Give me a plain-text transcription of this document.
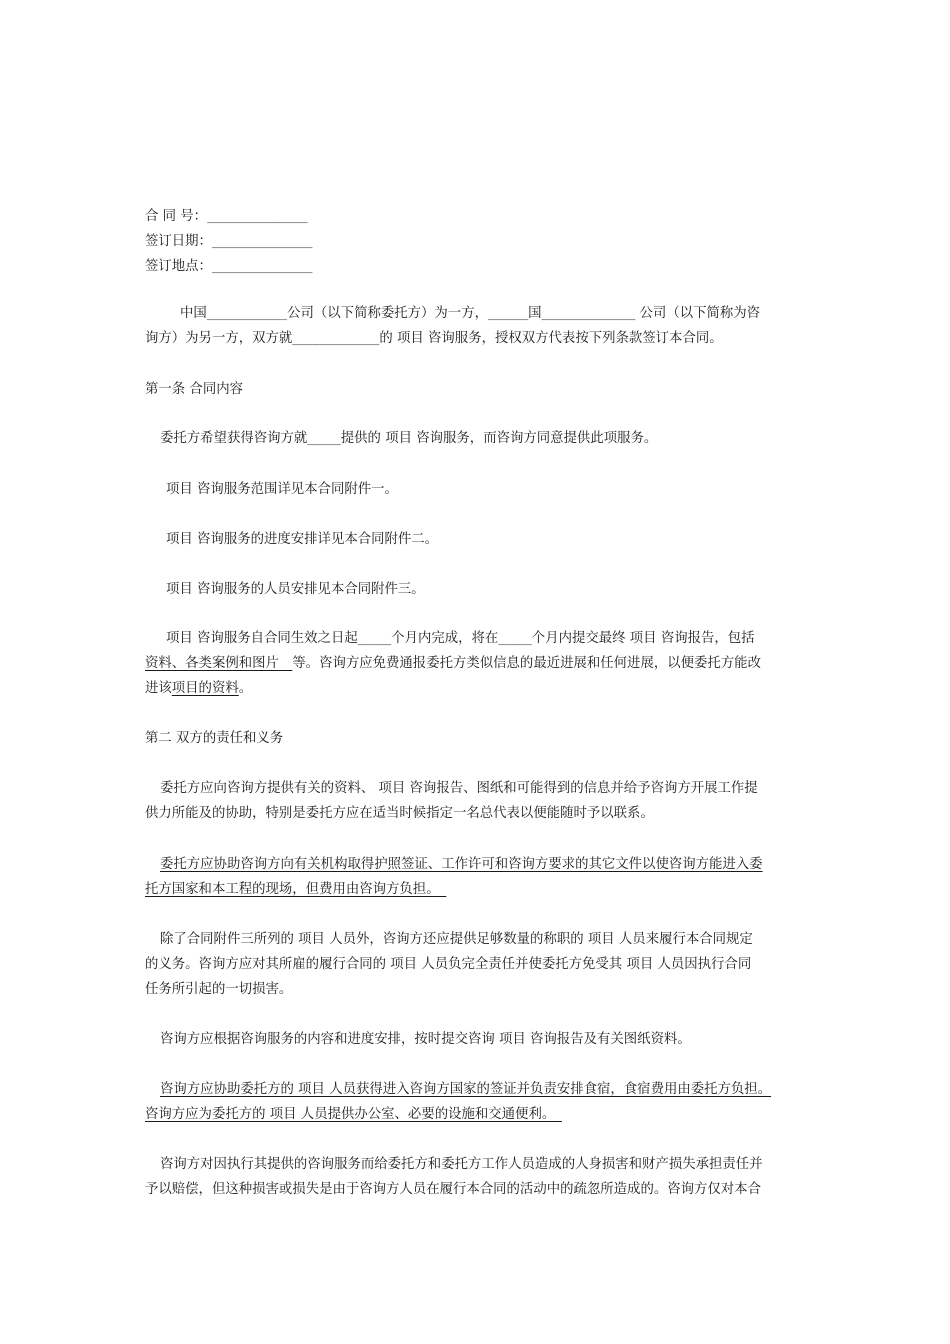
合 同 号：_______________
签订日期：_______________
签订地点：_______________
中国____________公司（以下简称委托方）为一方，______国______________ 公司（以下简称为咨
询方）为另一方，双方就_____________的 项目 咨询服务，授权双方代表按下列条款签订本合同。
第一条 合同内容
委托方希望获得咨询方就_____提供的 项目 咨询服务，而咨询方同意提供此项服务。
项目 咨询服务范围详见本合同附件一。
项目 咨询服务的进度安排详见本合同附件二。
项目 咨询服务的人员安排见本合同附件三。
项目 咨询服务自合同生效之日起_____个月内完成，将在_____个月内提交最终 项目 咨询报告，包括
资料、各类案例和图片　 等。咨询方应免费通报委托方类似信息的最近进展和任何进展，以便委托方能改
进该项目的资料。
第二 双方的责任和义务
委托方应向咨询方提供有关的资料、 项目 咨询报告、图纸和可能得到的信息并给予咨询方开展工作提
供力所能及的协助，特别是委托方应在适当时候指定一名总代表以便能随时予以联系。
委托方应协助咨询方向有关机构取得护照签证、工作许可和咨询方要求的其它文件以使咨询方能进入委
托方国家和本工程的现场，但费用由咨询方负担。　
除了合同附件三所列的 项目 人员外，咨询方还应提供足够数量的称职的 项目 人员来履行本合同规定
的义务。咨询方应对其所雇的履行合同的 项目 人员负完全责任并使委托方免受其 项目 人员因执行合同
任务所引起的一切损害。
咨询方应根据咨询服务的内容和进度安排，按时提交咨询 项目 咨询报告及有关图纸资料。
咨询方应协助委托方的 项目 人员获得进入咨询方国家的签证并负责安排食宿，食宿费用由委托方负担。
咨询方应为委托方的 项目 人员提供办公室、必要的设施和交通便利。　
咨询方对因执行其提供的咨询服务而给委托方和委托方工作人员造成的人身损害和财产损失承担责任并
予以赔偿，但这种损害或损失是由于咨询方人员在履行本合同的活动中的疏忽所造成的。咨询方仅对本合
